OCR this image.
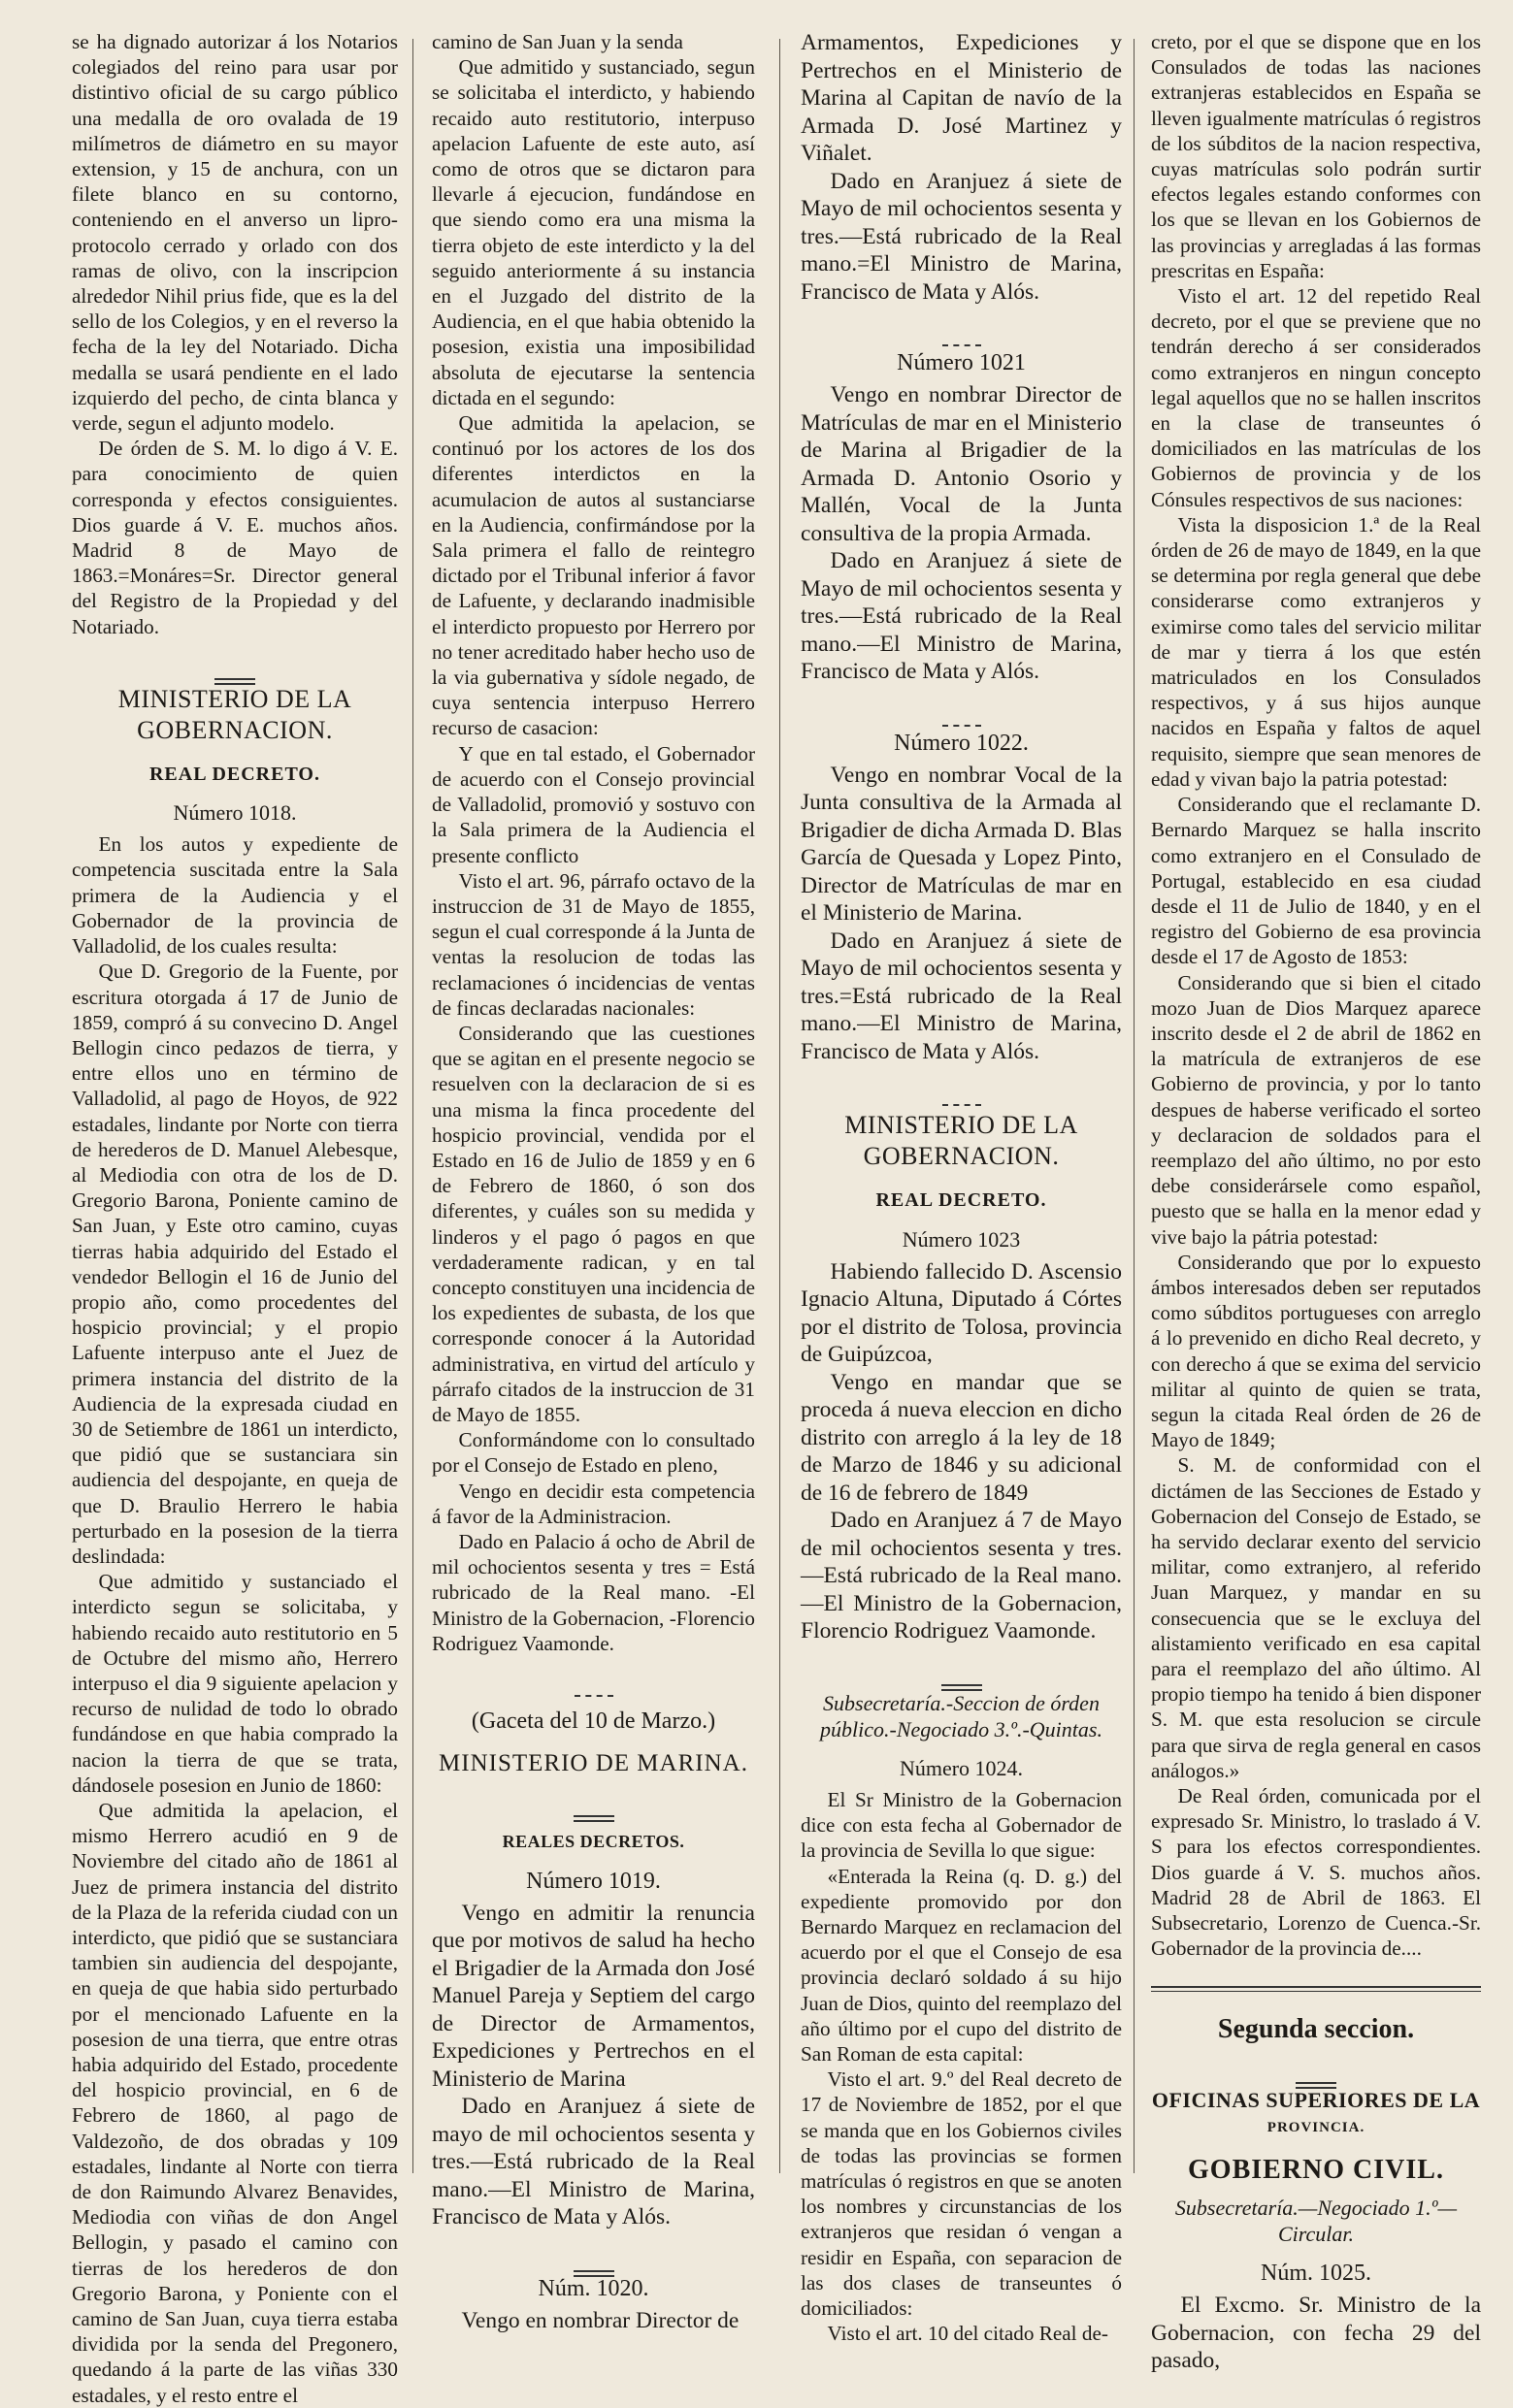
se ha dignado autorizar á los Notarios colegiados del reino para usar por distintivo oficial de su cargo público una medalla de oro ovalada de 19 milímetros de diámetro en su mayor extension, y 15 de anchura, con un filete blanco en su contorno, conteniendo en el anverso un lipro-protocolo cerrado y orlado con dos ramas de olivo, con la inscripcion alrededor Nihil prius fide, que es la del sello de los Colegios, y en el reverso la fecha de la ley del Notariado. Dicha medalla se usará pendiente en el lado izquierdo del pecho, de cinta blanca y verde, segun el adjunto modelo.

De órden de S. M. lo digo á V. E. para conocimiento de quien corresponda y efectos consiguientes. Dios guarde á V. E. muchos años. Madrid 8 de Mayo de 1863.=Monáres=Sr. Director general del Registro de la Propiedad y del Notariado.

MINISTERIO DE LA GOBERNACION.
REAL DECRETO.
Número 1018.

En los autos y expediente de competencia suscitada entre la Sala primera de la Audiencia y el Gobernador de la provincia de Valladolid, de los cuales resulta:

Que D. Gregorio de la Fuente, por escritura otorgada á 17 de Junio de 1859, compró á su convecino D. Angel Bellogin cinco pedazos de tierra, y entre ellos uno en término de Valladolid, al pago de Hoyos, de 922 estadales, lindante por Norte con tierra de herederos de D. Manuel Alebesque, al Mediodia con otra de los de D. Gregorio Barona, Poniente camino de San Juan, y Este otro camino, cuyas tierras habia adquirido del Estado el vendedor Bellogin el 16 de Junio del propio año, como procedentes del hospicio provincial; y el propio Lafuente interpuso ante el Juez de primera instancia del distrito de la Audiencia de la expresada ciudad en 30 de Setiembre de 1861 un interdicto, que pidió que se sustanciara sin audiencia del despojante, en queja de que D. Braulio Herrero le habia perturbado en la posesion de la tierra deslindada:

Que admitido y sustanciado el interdicto segun se solicitaba, y habiendo recaido auto restitutorio en 5 de Octubre del mismo año, Herrero interpuso el dia 9 siguiente apelacion y recurso de nulidad de todo lo obrado fundándose en que habia comprado la nacion la tierra de que se trata, dándosele posesion en Junio de 1860:

Que admitida la apelacion, el mismo Herrero acudió en 9 de Noviembre del citado año de 1861 al Juez de primera instancia del distrito de la Plaza de la referida ciudad con un interdicto, que pidió que se sustanciara tambien sin audiencia del despojante, en queja de que habia sido perturbado por el mencionado Lafuente en la posesion de una tierra, que entre otras habia adquirido del Estado, procedente del hospicio provincial, en 6 de Febrero de 1860, al pago de Valdezoño, de dos obradas y 109 estadales, lindante al Norte con tierra de don Raimundo Alvarez Benavides, Mediodia con viñas de don Angel Bellogin, y pasado el camino con tierras de los herederos de don Gregorio Barona, y Poniente con el camino de San Juan, cuya tierra estaba dividida por la senda del Pregonero, quedando á la parte de las viñas 330 estadales, y el resto entre el

camino de San Juan y la senda

Que admitido y sustanciado, segun se solicitaba el interdicto, y habiendo recaido auto restitutorio, interpuso apelacion Lafuente de este auto, así como de otros que se dictaron para llevarle á ejecucion, fundándose en que siendo como era una misma la tierra objeto de este interdicto y la del seguido anteriormente á su instancia en el Juzgado del distrito de la Audiencia, en el que habia obtenido la posesion, existia una imposibilidad absoluta de ejecutarse la sentencia dictada en el segundo:

Que admitida la apelacion, se continuó por los actores de los dos diferentes interdictos en la acumulacion de autos al sustanciarse en la Audiencia, confirmándose por la Sala primera el fallo de reintegro dictado por el Tribunal inferior á favor de Lafuente, y declarando inadmisible el interdicto propuesto por Herrero por no tener acreditado haber hecho uso de la via gubernativa y sídole negado, de cuya sentencia interpuso Herrero recurso de casacion:

Y que en tal estado, el Gobernador de acuerdo con el Consejo provincial de Valladolid, promovió y sostuvo con la Sala primera de la Audiencia el presente conflicto

Visto el art. 96, párrafo octavo de la instruccion de 31 de Mayo de 1855, segun el cual corresponde á la Junta de ventas la resolucion de todas las reclamaciones ó incidencias de ventas de fincas declaradas nacionales:

Considerando que las cuestiones que se agitan en el presente negocio se resuelven con la declaracion de si es una misma la finca procedente del hospicio provincial, vendida por el Estado en 16 de Julio de 1859 y en 6 de Febrero de 1860, ó son dos diferentes, y cuáles son su medida y linderos y el pago ó pagos en que verdaderamente radican, y en tal concepto constituyen una incidencia de los expedientes de subasta, de los que corresponde conocer á la Autoridad administrativa, en virtud del artículo y párrafo citados de la instruccion de 31 de Mayo de 1855.

Conformándome con lo consultado por el Consejo de Estado en pleno,

Vengo en decidir esta competencia á favor de la Administracion.

Dado en Palacio á ocho de Abril de mil ochocientos sesenta y tres = Está rubricado de la Real mano. -El Ministro de la Gobernacion, -Florencio Rodriguez Vaamonde.

(Gaceta del 10 de Marzo.)
MINISTERIO DE MARINA.
REALES DECRETOS.
Número 1019.

Vengo en admitir la renuncia que por motivos de salud ha hecho el Brigadier de la Armada don José Manuel Pareja y Septiem del cargo de Director de Armamentos, Expediciones y Pertrechos en el Ministerio de Marina

Dado en Aranjuez á siete de mayo de mil ochocientos sesenta y tres.—Está rubricado de la Real mano.—El Ministro de Marina, Francisco de Mata y Alós.

Núm. 1020.

Vengo en nombrar Director de

Armamentos, Expediciones y Pertrechos en el Ministerio de Marina al Capitan de navío de la Armada D. José Martinez y Viñalet.

Dado en Aranjuez á siete de Mayo de mil ochocientos sesenta y tres.—Está rubricado de la Real mano.=El Ministro de Marina, Francisco de Mata y Alós.

Número 1021

Vengo en nombrar Director de Matrículas de mar en el Ministerio de Marina al Brigadier de la Armada D. Antonio Osorio y Mallén, Vocal de la Junta consultiva de la propia Armada.

Dado en Aranjuez á siete de Mayo de mil ochocientos sesenta y tres.—Está rubricado de la Real mano.—El Ministro de Marina, Francisco de Mata y Alós.

Número 1022.

Vengo en nombrar Vocal de la Junta consultiva de la Armada al Brigadier de dicha Armada D. Blas García de Quesada y Lopez Pinto, Director de Matrículas de mar en el Ministerio de Marina.

Dado en Aranjuez á siete de Mayo de mil ochocientos sesenta y tres.=Está rubricado de la Real mano.—El Ministro de Marina, Francisco de Mata y Alós.

MINISTERIO DE LA GOBERNACION.
REAL DECRETO.
Número 1023

Habiendo fallecido D. Ascensio Ignacio Altuna, Diputado á Córtes por el distrito de Tolosa, provincia de Guipúzcoa,

Vengo en mandar que se proceda á nueva eleccion en dicho distrito con arreglo á la ley de 18 de Marzo de 1846 y su adicional de 16 de febrero de 1849

Dado en Aranjuez á 7 de Mayo de mil ochocientos sesenta y tres.—Está rubricado de la Real mano.—El Ministro de la Gobernacion, Florencio Rodriguez Vaamonde.

Subsecretaría.-Seccion de órden público.-Negociado 3.º.-Quintas.
Número 1024.

El Sr Ministro de la Gobernacion dice con esta fecha al Gobernador de la provincia de Sevilla lo que sigue:

«Enterada la Reina (q. D. g.) del expediente promovido por don Bernardo Marquez en reclamacion del acuerdo por el que el Consejo de esa provincia declaró soldado á su hijo Juan de Dios, quinto del reemplazo del año último por el cupo del distrito de San Roman de esta capital:

Visto el art. 9.º del Real decreto de 17 de Noviembre de 1852, por el que se manda que en los Gobiernos civiles de todas las provincias se formen matrículas ó registros en que se anoten los nombres y circunstancias de los extranjeros que residan ó vengan a residir en España, con separacion de las dos clases de transeuntes ó domiciliados:

Visto el art. 10 del citado Real de-

creto, por el que se dispone que en los Consulados de todas las naciones extranjeras establecidos en España se lleven igualmente matrículas ó registros de los súbditos de la nacion respectiva, cuyas matrículas solo podrán surtir efectos legales estando conformes con los que se llevan en los Gobiernos de las provincias y arregladas á las formas prescritas en España:

Visto el art. 12 del repetido Real decreto, por el que se previene que no tendrán derecho á ser considerados como extranjeros en ningun concepto legal aquellos que no se hallen inscritos en la clase de transeuntes ó domiciliados en las matrículas de los Gobiernos de provincia y de los Cónsules respectivos de sus naciones:

Vista la disposicion 1.ª de la Real órden de 26 de mayo de 1849, en la que se determina por regla general que debe considerarse como extranjeros y eximirse como tales del servicio militar de mar y tierra á los que estén matriculados en los Consulados respectivos, y á sus hijos aunque nacidos en España y faltos de aquel requisito, siempre que sean menores de edad y vivan bajo la patria potestad:

Considerando que el reclamante D. Bernardo Marquez se halla inscrito como extranjero en el Consulado de Portugal, establecido en esa ciudad desde el 11 de Julio de 1840, y en el registro del Gobierno de esa provincia desde el 17 de Agosto de 1853:

Considerando que si bien el citado mozo Juan de Dios Marquez aparece inscrito desde el 2 de abril de 1862 en la matrícula de extranjeros de ese Gobierno de provincia, y por lo tanto despues de haberse verificado el sorteo y declaracion de soldados para el reemplazo del año último, no por esto debe considerársele como español, puesto que se halla en la menor edad y vive bajo la pátria potestad:

Considerando que por lo expuesto ámbos interesados deben ser reputados como súbditos portugueses con arreglo á lo prevenido en dicho Real decreto, y con derecho á que se exima del servicio militar al quinto de quien se trata, segun la citada Real órden de 26 de Mayo de 1849;

S. M. de conformidad con el dictámen de las Secciones de Estado y Gobernacion del Consejo de Estado, se ha servido declarar exento del servicio militar, como extranjero, al referido Juan Marquez, y mandar en su consecuencia que se le excluya del alistamiento verificado en esa capital para el reemplazo del año último. Al propio tiempo ha tenido á bien disponer S. M. que esta resolucion se circule para que sirva de regla general en casos análogos.»

De Real órden, comunicada por el expresado Sr. Ministro, lo traslado á V. S para los efectos correspondientes. Dios guarde á V. S. muchos años. Madrid 28 de Abril de 1863. El Subsecretario, Lorenzo de Cuenca.-Sr. Gobernador de la provincia de....

Segunda seccion.
OFICINAS SUPERIORES DE LA
PROVINCIA.
GOBIERNO CIVIL.
Subsecretaría.—Negociado 1.º— Circular.
Núm. 1025.

El Excmo. Sr. Ministro de la Gobernacion, con fecha 29 del pasado,
